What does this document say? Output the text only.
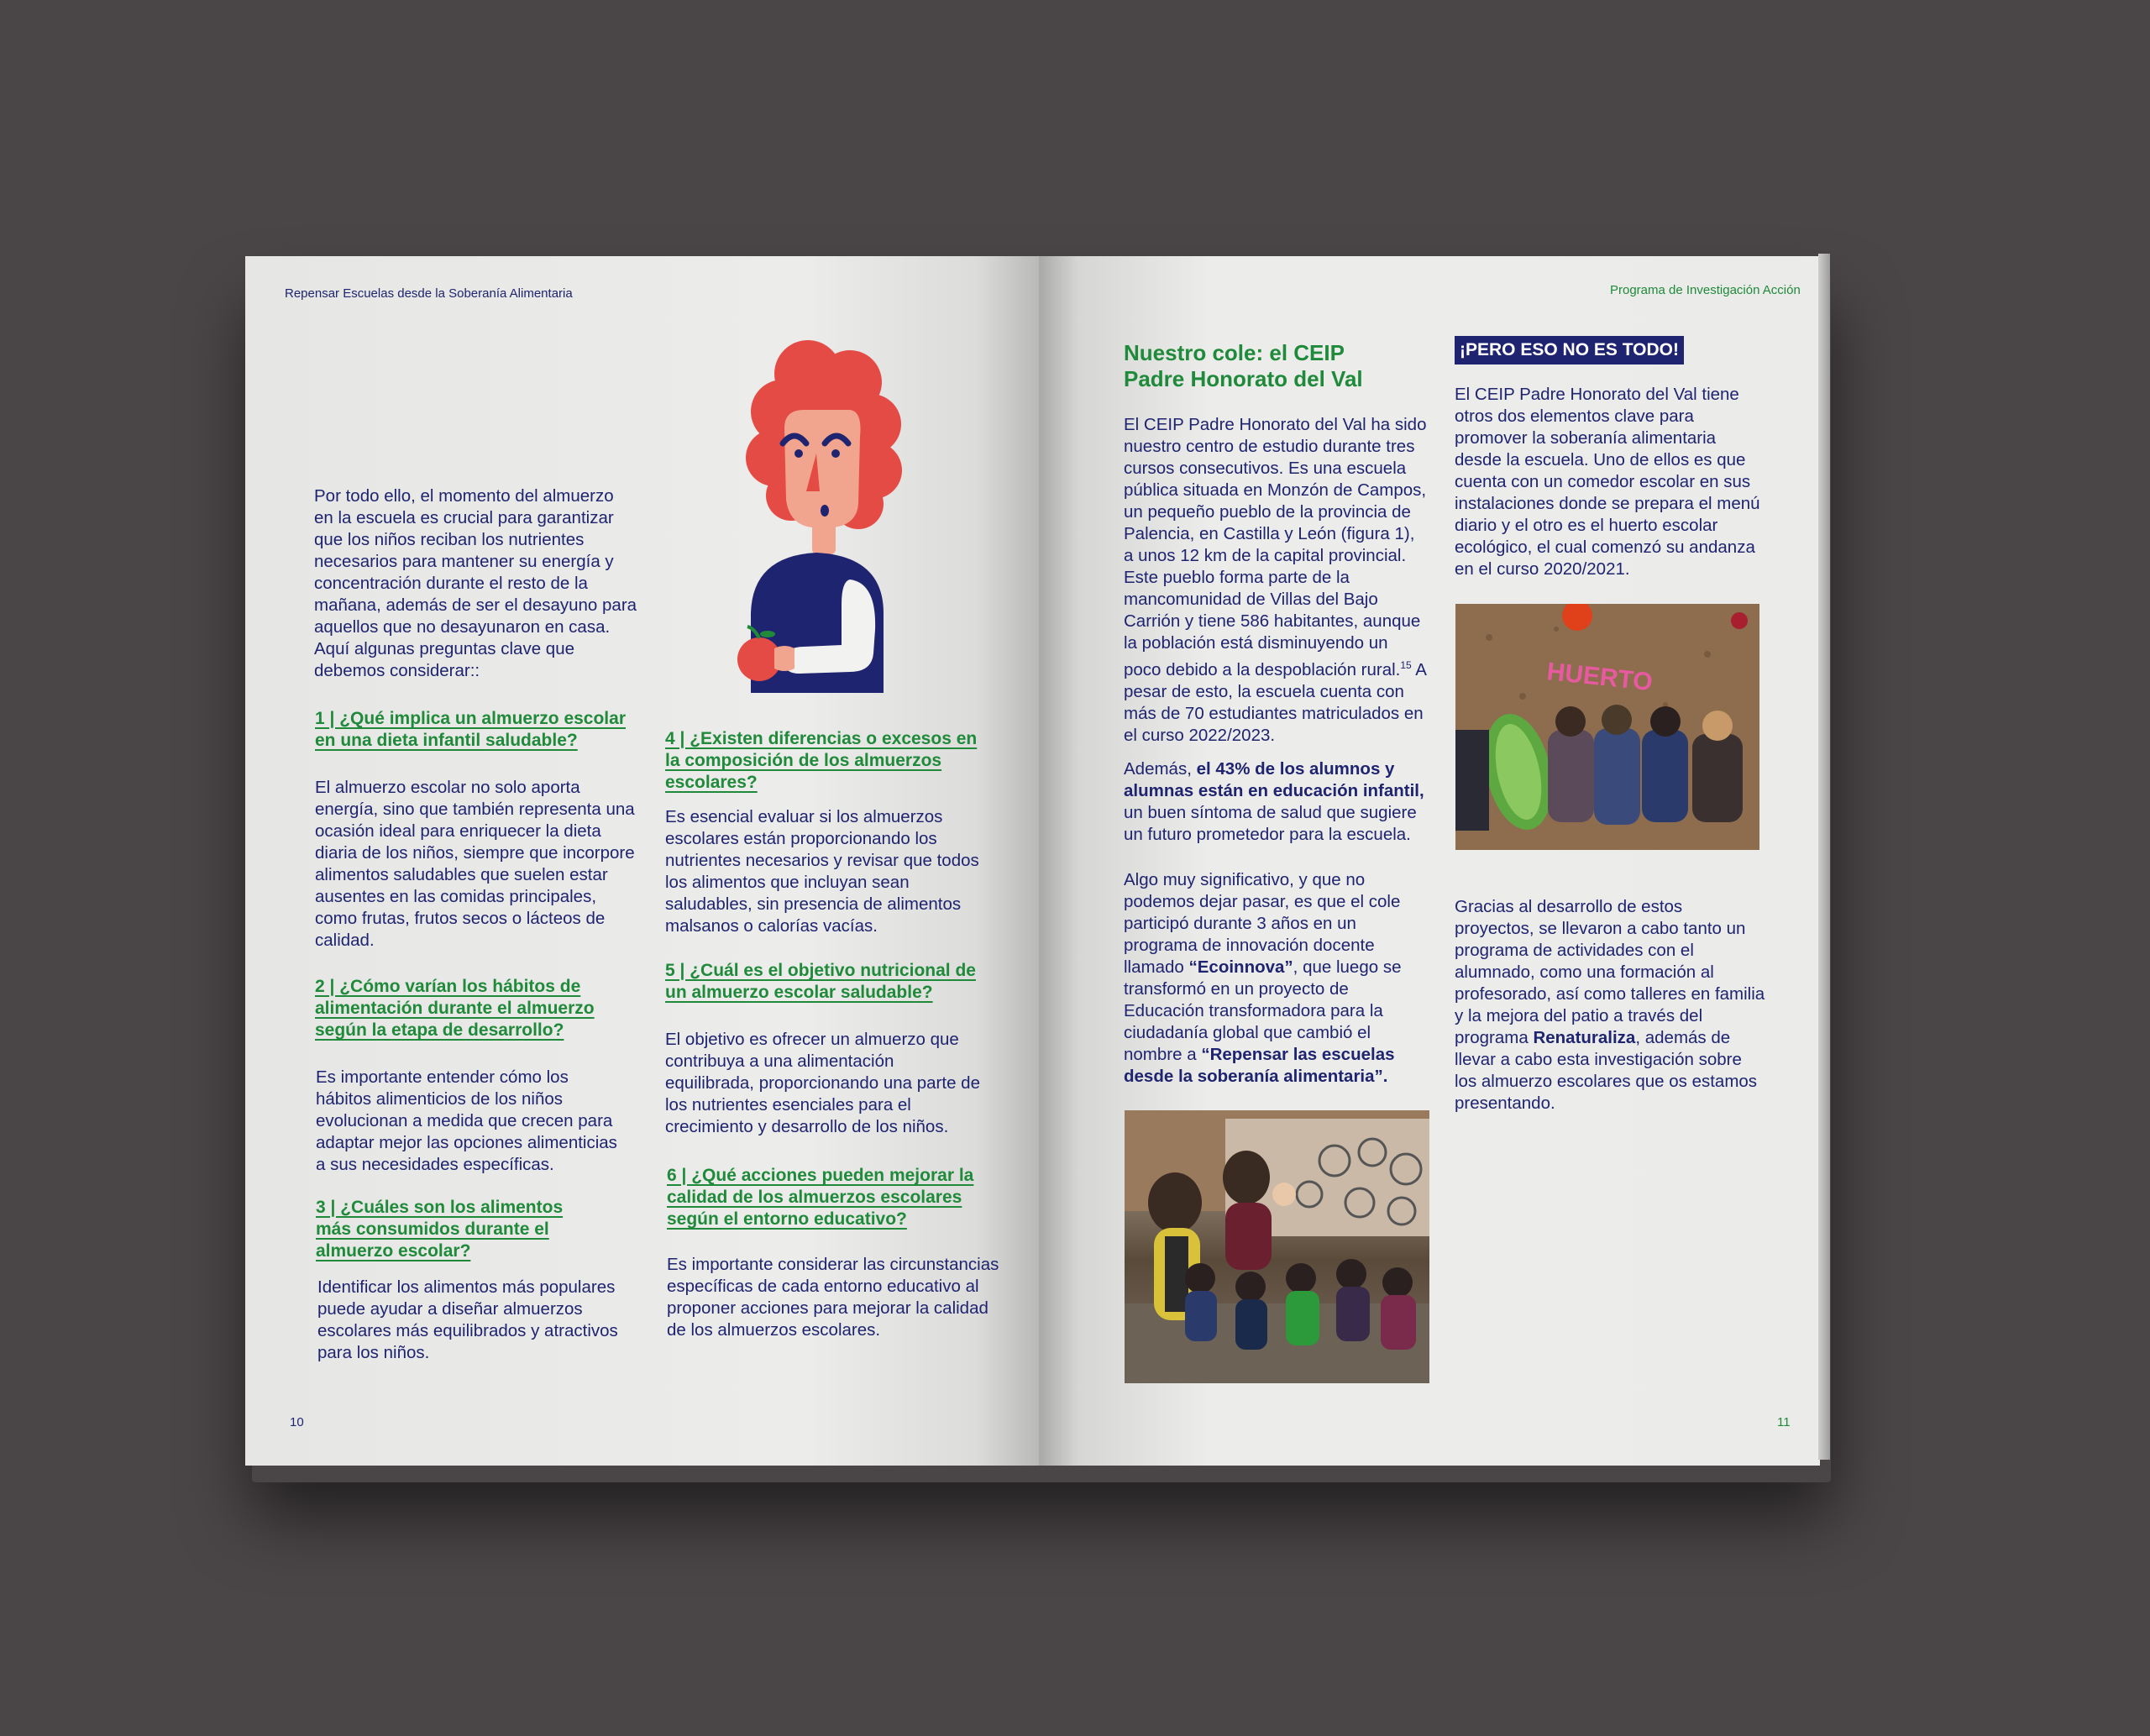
Repensar Escuelas desde la Soberanía Alimentaria
Por todo ello, el momento del almuerzo en la escuela es crucial para garantizar que los niños reciban los nutrientes necesarios para mantener su energía y concentración durante el resto de la mañana, además de ser el desayuno para aquellos que no desayunaron en casa. Aquí algunas preguntas clave que debemos considerar::
1 | ¿Qué implica un almuerzo escolar en una dieta infantil saludable?
El almuerzo escolar no solo aporta energía, sino que también representa una ocasión ideal para enriquecer la dieta diaria de los niños, siempre que incorpore alimentos saludables que suelen estar ausentes en las comidas principales, como frutas, frutos secos o lácteos de calidad.
2 | ¿Cómo varían los hábitos de alimentación durante el almuerzo según la etapa de desarrollo?
Es importante entender cómo los hábitos alimenticios de los niños evolucionan a medida que crecen para adaptar mejor las opciones alimenticias a sus necesidades específicas.
3 | ¿Cuáles son los alimentos más consumidos durante el almuerzo escolar?
Identificar los alimentos más populares puede ayudar a diseñar almuerzos escolares más equilibrados y atractivos para los niños.
4 | ¿Existen diferencias o excesos en la composición de los almuerzos escolares?
Es esencial evaluar si los almuerzos escolares están proporcionando los nutrientes necesarios y revisar que todos los alimentos que incluyan sean saludables, sin presencia de alimentos malsanos o calorías vacías.
5 | ¿Cuál es el objetivo nutricional de un almuerzo escolar saludable?
El objetivo es ofrecer un almuerzo que contribuya a una alimentación equilibrada, proporcionando una parte de los nutrientes esenciales para el crecimiento y desarrollo de los niños.
6 | ¿Qué acciones pueden mejorar la calidad de los almuerzos escolares según el entorno educativo?
Es importante considerar las circunstancias específicas de cada entorno educativo al proponer acciones para mejorar la calidad de los almuerzos escolares.
10
Programa de Investigación Acción
Nuestro cole: el CEIP
Padre Honorato del Val
El CEIP Padre Honorato del Val ha sido nuestro centro de estudio durante tres cursos consecutivos. Es una escuela pública situada en Monzón de Campos, un pequeño pueblo de la provincia de Palencia, en Castilla y León (figura 1), a unos 12 km de la capital provincial. Este pueblo forma parte de la mancomunidad de Villas del Bajo Carrión y tiene 586 habitantes, aunque la población está disminuyendo un poco debido a la despoblación rural.$^{15}$ A pesar de esto, la escuela cuenta con más de 70 estudiantes matriculados en el curso 2022/2023.
Además, el 43% de los alumnos y alumnas están en educación infantil, un buen síntoma de salud que sugiere un futuro prometedor para la escuela.
Algo muy significativo, y que no podemos dejar pasar, es que el cole participó durante 3 años en un programa de innovación docente llamado “Ecoinnova”, que luego se transformó en un proyecto de Educación transformadora para la ciudadanía global que cambió el nombre a “Repensar las escuelas desde la soberanía alimentaria”.
¡PERO ESO NO ES TODO!
El CEIP Padre Honorato del Val tiene otros dos elementos clave para promover la soberanía alimentaria desde la escuela. Uno de ellos es que cuenta con un comedor escolar en sus instalaciones donde se prepara el menú diario y el otro es el huerto escolar ecológico, el cual comenzó su andanza en el curso 2020/2021.
HUERTO
Gracias al desarrollo de estos proyectos, se llevaron a cabo tanto un programa de actividades con el alumnado, como una formación al profesorado, así como talleres en familia y la mejora del patio a través del programa Renaturaliza, además de llevar a cabo esta investigación sobre los almuerzo escolares que os estamos presentando.
11
